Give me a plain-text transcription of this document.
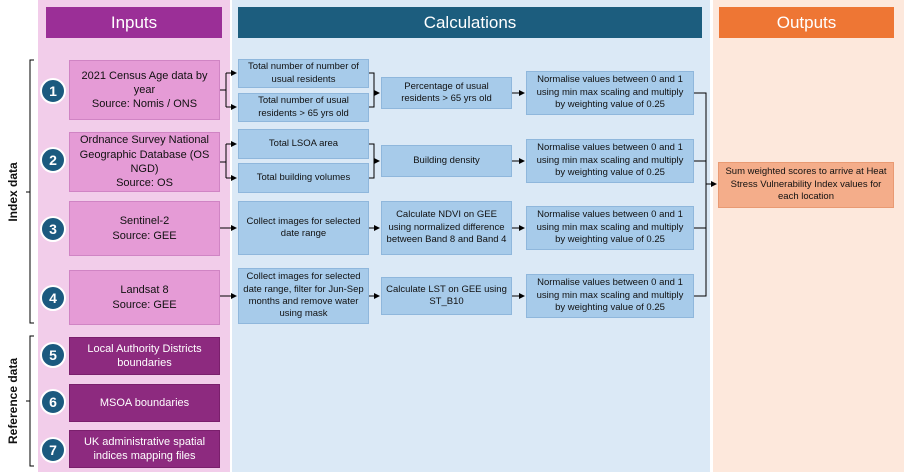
Inputs	Calculations	Outputs
Index data
Reference data
1
2
3
4
5
6
7
2021 Census Age data by year
Source: Nomis / ONS
Ordnance Survey National Geographic Database (OS NGD)
Source: OS
Sentinel-2
Source: GEE
Landsat 8
Source: GEE
Local Authority Districts boundaries
MSOA boundaries
UK administrative spatial indices mapping files
Total number of number of usual residents
Total number of usual residents > 65 yrs old
Percentage of usual residents > 65 yrs old
Normalise values between 0 and 1 using min max scaling and multiply by weighting value of 0.25
Total LSOA area
Total building volumes
Building density
Normalise values between 0 and 1 using min max scaling and multiply by weighting value of 0.25
Collect images for selected date range
Calculate NDVI on GEE using normalized difference between Band 8 and Band 4
Normalise values between 0 and 1 using min max scaling and multiply by weighting value of 0.25
Collect images for selected date range, filter for Jun-Sep months and remove water using mask
Calculate LST on GEE using ST_B10
Normalise values between 0 and 1 using min max scaling and multiply by weighting value of 0.25
Sum weighted scores to arrive at Heat Stress Vulnerability Index values for each location
